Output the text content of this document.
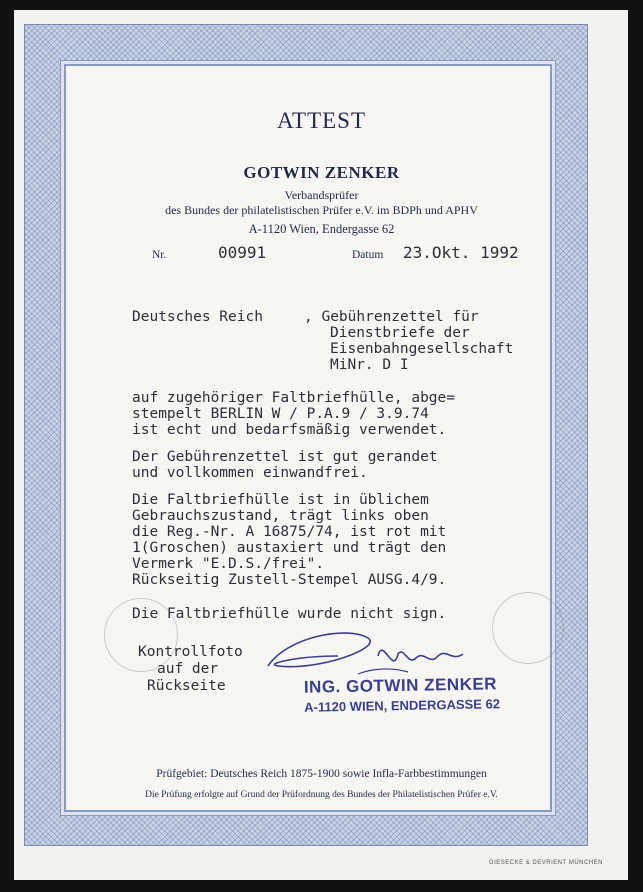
ATTEST
GOTWIN ZENKER
Verbandsprüfer
des Bundes der philatelistischen Prüfer e.V. im BDPh und APHV
A-1120 Wien, Endergasse 62
Nr.	00991	Datum 23.Okt. 1992
Deutsches Reich	, Gebührenzettel für
Dienstbriefe der
Eisenbahngesellschaft
MiNr. D I
auf zugehöriger Faltbriefhülle, abge=
stempelt BERLIN W / P.A.9 / 3.9.74
ist echt und bedarfsmäßig verwendet.
Der Gebührenzettel ist gut gerandet
und vollkommen einwandfrei.
Die Faltbriefhülle ist in üblichem
Gebrauchszustand, trägt links oben
die Reg.-Nr. A 16875/74, ist rot mit
1(Groschen) austaxiert und trägt den
Vermerk "E.D.S./frei".
Rückseitig Zustell-Stempel AUSG.4/9.
Die Faltbriefhülle wurde nicht sign.
Kontrollfoto
auf der
Rückseite	ING. GOTWIN ZENKER
A-1120 WIEN, ENDERGASSE 62
Prüfgebiet: Deutsches Reich 1875-1900 sowie Infla-Farbbestimmungen
Die Prüfung erfolgte auf Grund der Prüfordnung des Bundes der Philatelistischen Prüfer e.V.
GIESECKE & DEVRIENT MÜNCHEN
